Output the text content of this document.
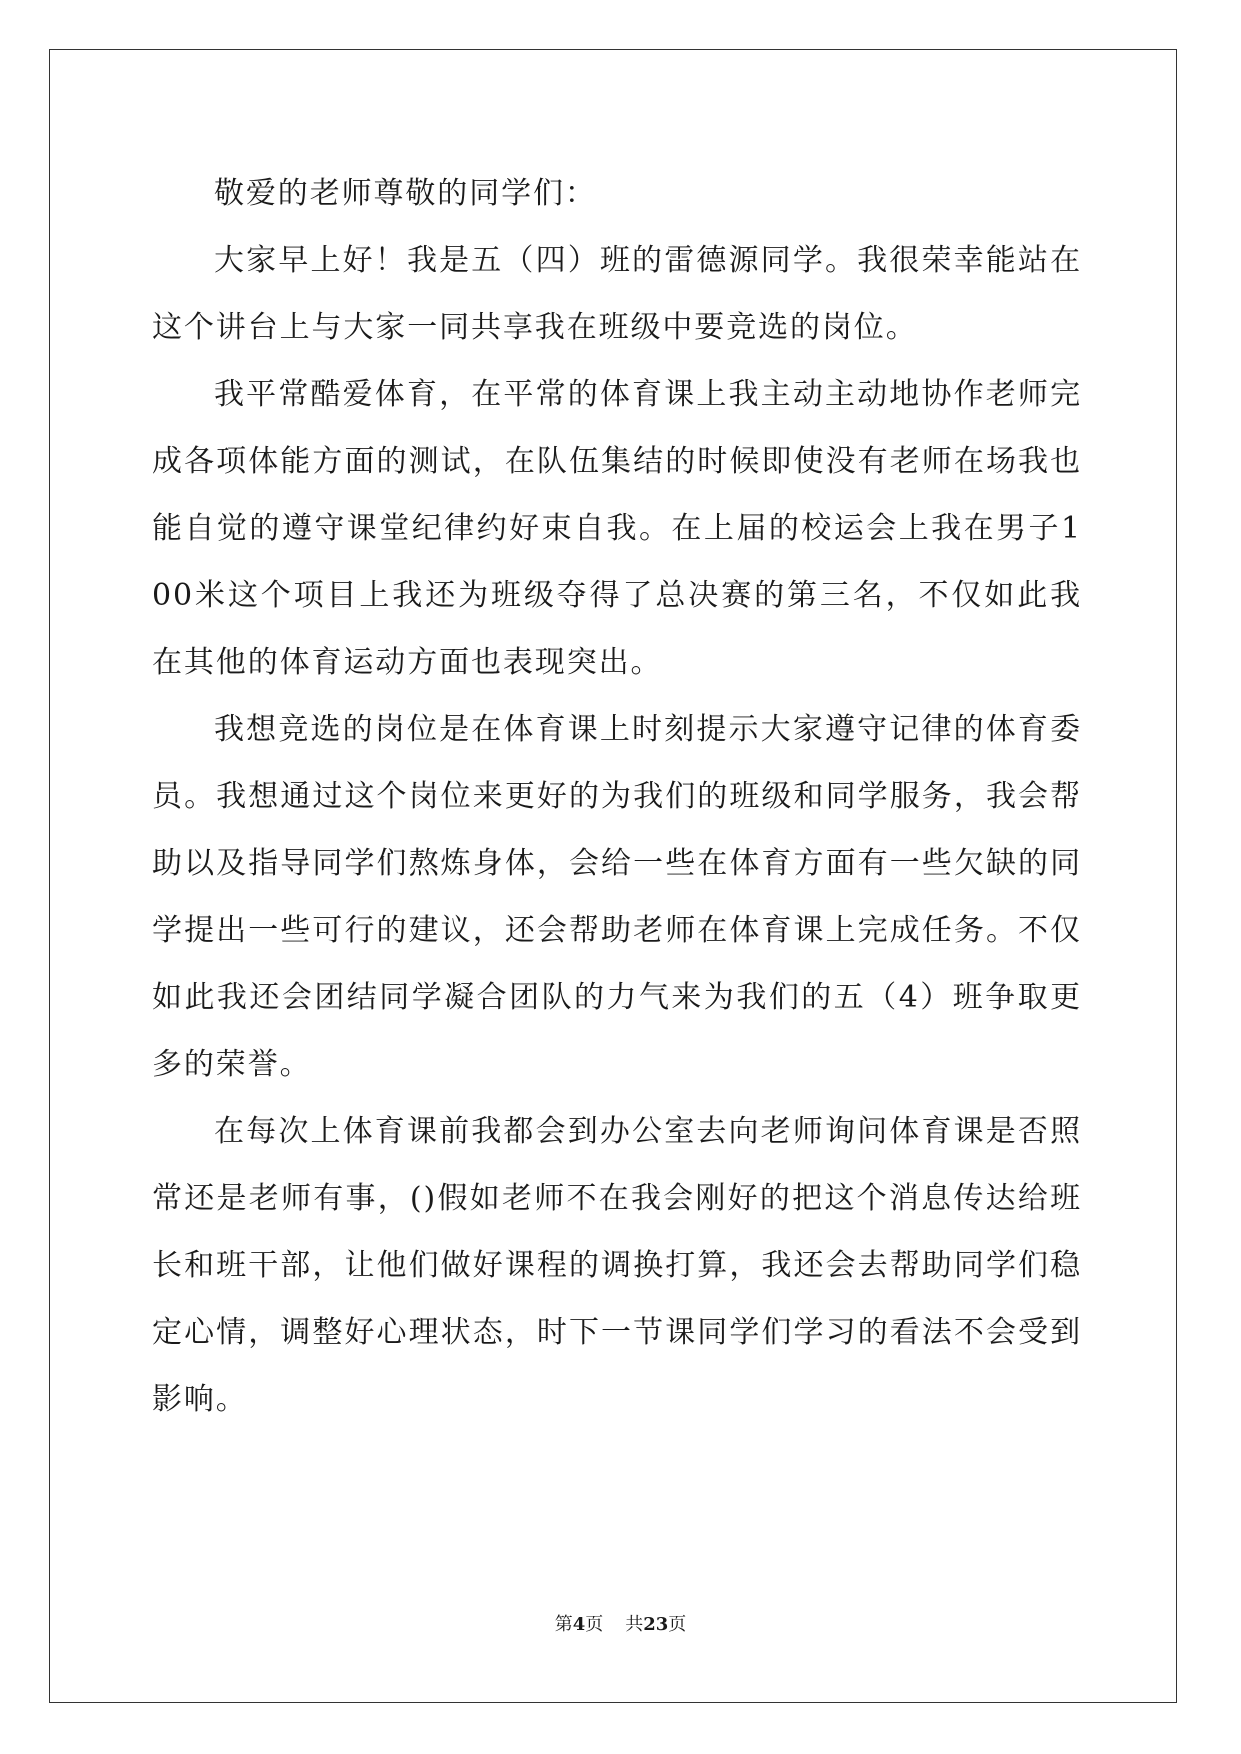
敬爱的老师尊敬的同学们：

大家早上好！我是五（四）班的雷德源同学。我很荣幸能站在这个讲台上与大家一同共享我在班级中要竞选的岗位。

我平常酷爱体育，在平常的体育课上我主动主动地协作老师完成各项体能方面的测试，在队伍集结的时候即使没有老师在场我也能自觉的遵守课堂纪律约好束自我。在上届的校运会上我在男子100米这个项目上我还为班级夺得了总决赛的第三名，不仅如此我在其他的体育运动方面也表现突出。

我想竞选的岗位是在体育课上时刻提示大家遵守记律的体育委员。我想通过这个岗位来更好的为我们的班级和同学服务，我会帮助以及指导同学们熬炼身体，会给一些在体育方面有一些欠缺的同学提出一些可行的建议，还会帮助老师在体育课上完成任务。不仅如此我还会团结同学凝合团队的力气来为我们的五（4）班争取更多的荣誉。

在每次上体育课前我都会到办公室去向老师询问体育课是否照常还是老师有事，()假如老师不在我会刚好的把这个消息传达给班长和班干部，让他们做好课程的调换打算，我还会去帮助同学们稳定心情，调整好心理状态，时下一节课同学们学习的看法不会受到影响。

第4页 共23页
